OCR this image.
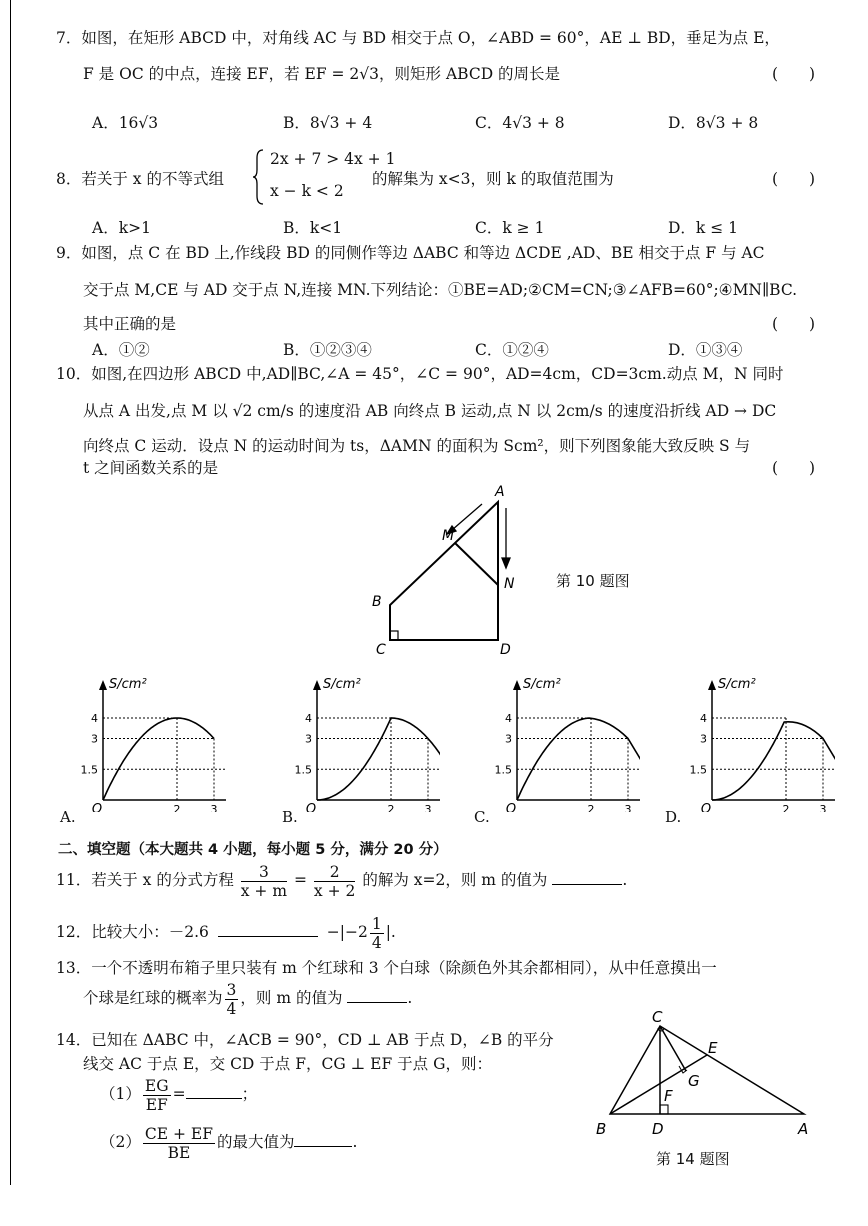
7．如图，在矩形 ABCD 中，对角线 AC 与 BD 相交于点 O，∠ABD = 60°，AE ⊥ BD，垂足为点 E，
F 是 OC 的中点，连接 EF，若 EF = 2√3，则矩形 ABCD 的周长是	(　　)
A．16√3	B．8√3 + 4	C．4√3 + 8	D．8√3 + 8
8．若关于 x 的不等式组
2x + 7 > 4x + 1
x − k < 2
的解集为 x<3，则 k 的取值范围为	(　　)
A．k>1	B．k<1	C．k ≥ 1	D．k ≤ 1
9．如图，点 C 在 BD 上,作线段 BD 的同侧作等边 ΔABC 和等边 ΔCDE ,AD、BE 相交于点 F 与 AC
交于点 M,CE 与 AD 交于点 N,连接 MN.下列结论：①BE=AD;②CM=CN;③∠AFB=60°;④MN∥BC.
其中正确的是	(　　)
A．①②	B．①②③④	C．①②④	D．①③④
10．如图,在四边形 ABCD 中,AD∥BC,∠A = 45°，∠C = 90°，AD=4cm，CD=3cm.动点 M，N 同时
从点 A 出发,点 M 以 √2 cm/s 的速度沿 AB 向终点 B 运动,点 N 以 2cm/s 的速度沿折线 AD → DC
向终点 C 运动．设点 N 的运动时间为 ts，ΔAMN 的面积为 Scm²，则下列图象能大致反映 S 与
t 之间函数关系的是	(　　)
A
M
N
B
C	D
第 10 题图
4
3
1.5
2	3
O
S/cm²
A.
4
3
1.5
2	3
O
S/cm²
B.
4
3
1.5
2	3
O
S/cm²
C.
4
3
1.5
2	3
O
S/cm²
D.
二、填空题（本大题共 4 小题，每小题 5 分，满分 20 分）
11．若关于 x 的分式方程 $\frac{3}{x + m} = \frac{2}{x + 2}$ 的解为 x=2，则 m 的值为	.
12．比较大小：－2.6	$-|-2 \frac{1}{4}$ |.
13．一个不透明布箱子里只装有 m 个红球和 3 个白球（除颜色外其余都相同），从中任意摸出一
个球是红球的概率为 $\frac{3}{4}$ ，则 m 的值为	.
14．已知在 ΔABC 中，∠ACB = 90°，CD ⊥ AB 于点 D，∠B 的平分
线交 AC 于点 E，交 CD 于点 F，CG ⊥ EF 于点 G，则：
$(1) \frac{EG}{EF}$ =	；
$(2) \frac{CE + EF}{BE}$ 的最大值为	.
C
E
G
F
B	D	A
第 14 题图
